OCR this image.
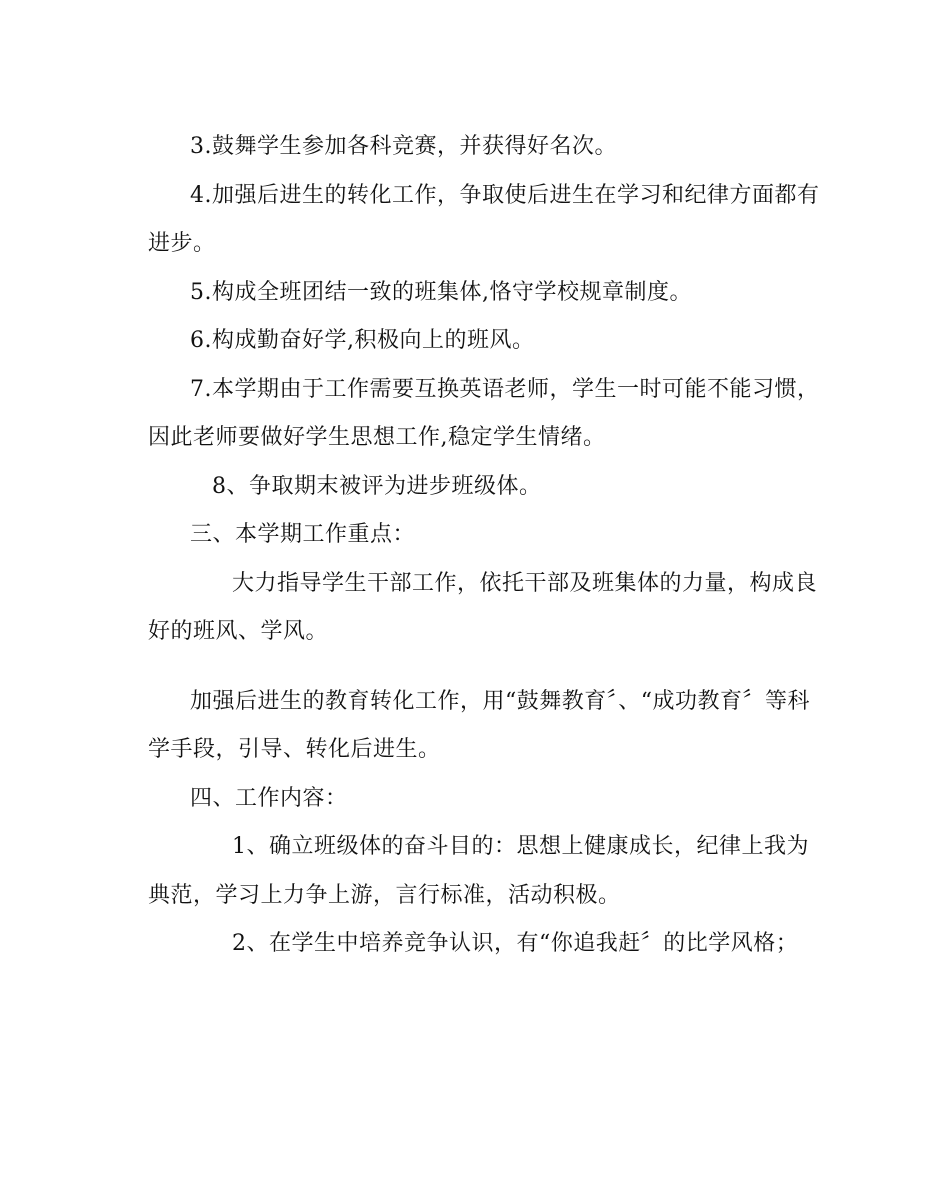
3.鼓舞学生参加各科竞赛，并获得好名次。
4.加强后进生的转化工作，争取使后进生在学习和纪律方面都有
进步。
5.构成全班团结一致的班集体,恪守学校规章制度。
6.构成勤奋好学,积极向上的班风。
7.本学期由于工作需要互换英语老师，学生一时可能不能习惯，
因此老师要做好学生思想工作,稳定学生情绪。
8、争取期末被评为进步班级体。
三、本学期工作重点：
大力指导学生干部工作，依托干部及班集体的力量，构成良
好的班风、学风。
加强后进生的教育转化工作，用“鼓舞教育〞、“成功教育〞等科
学手段，引导、转化后进生。
四、工作内容：
1、确立班级体的奋斗目的：思想上健康成长，纪律上我为
典范，学习上力争上游，言行标准，活动积极。
2、在学生中培养竞争认识，有“你追我赶〞的比学风格；
